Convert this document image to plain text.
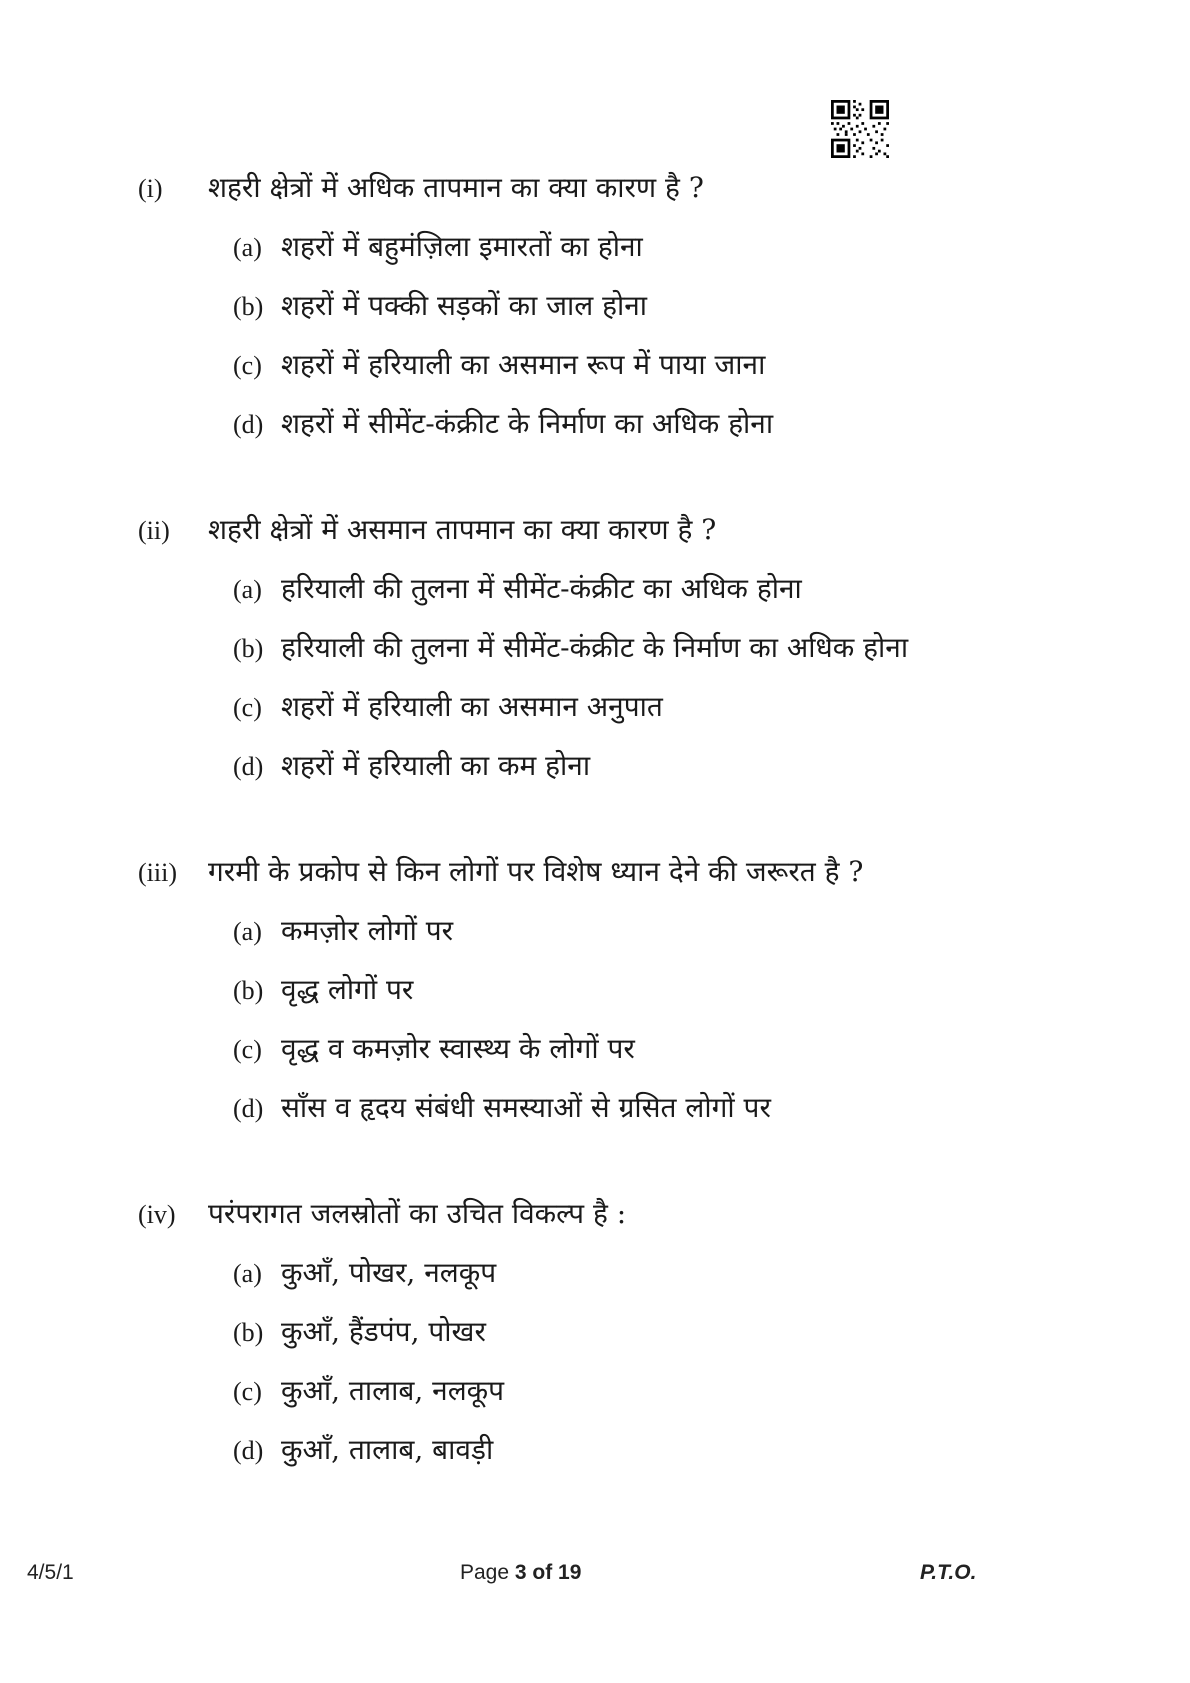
(i)	शहरी क्षेत्रों में अधिक तापमान का क्या कारण है ?
(a) शहरों में बहुमंज़िला इमारतों का होना
(b) शहरों में पक्की सड़कों का जाल होना
(c) शहरों में हरियाली का असमान रूप में पाया जाना
(d) शहरों में सीमेंट-कंक्रीट के निर्माण का अधिक होना
(ii)	शहरी क्षेत्रों में असमान तापमान का क्या कारण है ?
(a) हरियाली की तुलना में सीमेंट-कंक्रीट का अधिक होना
(b) हरियाली की तुलना में सीमेंट-कंक्रीट के निर्माण का अधिक होना
(c) शहरों में हरियाली का असमान अनुपात
(d) शहरों में हरियाली का कम होना
(iii)	गरमी के प्रकोप से किन लोगों पर विशेष ध्यान देने की जरूरत है ?
(a) कमज़ोर लोगों पर
(b) वृद्ध लोगों पर
(c) वृद्ध व कमज़ोर स्वास्थ्य के लोगों पर
(d) साँस व हृदय संबंधी समस्याओं से ग्रसित लोगों पर
(iv)	परंपरागत जलस्रोतों का उचित विकल्प है :
(a) कुआँ, पोखर, नलकूप
(b) कुआँ, हैंडपंप, पोखर
(c) कुआँ, तालाब, नलकूप
(d) कुआँ, तालाब, बावड़ी
4/5/1	Page 3 of 19	P.T.O.
